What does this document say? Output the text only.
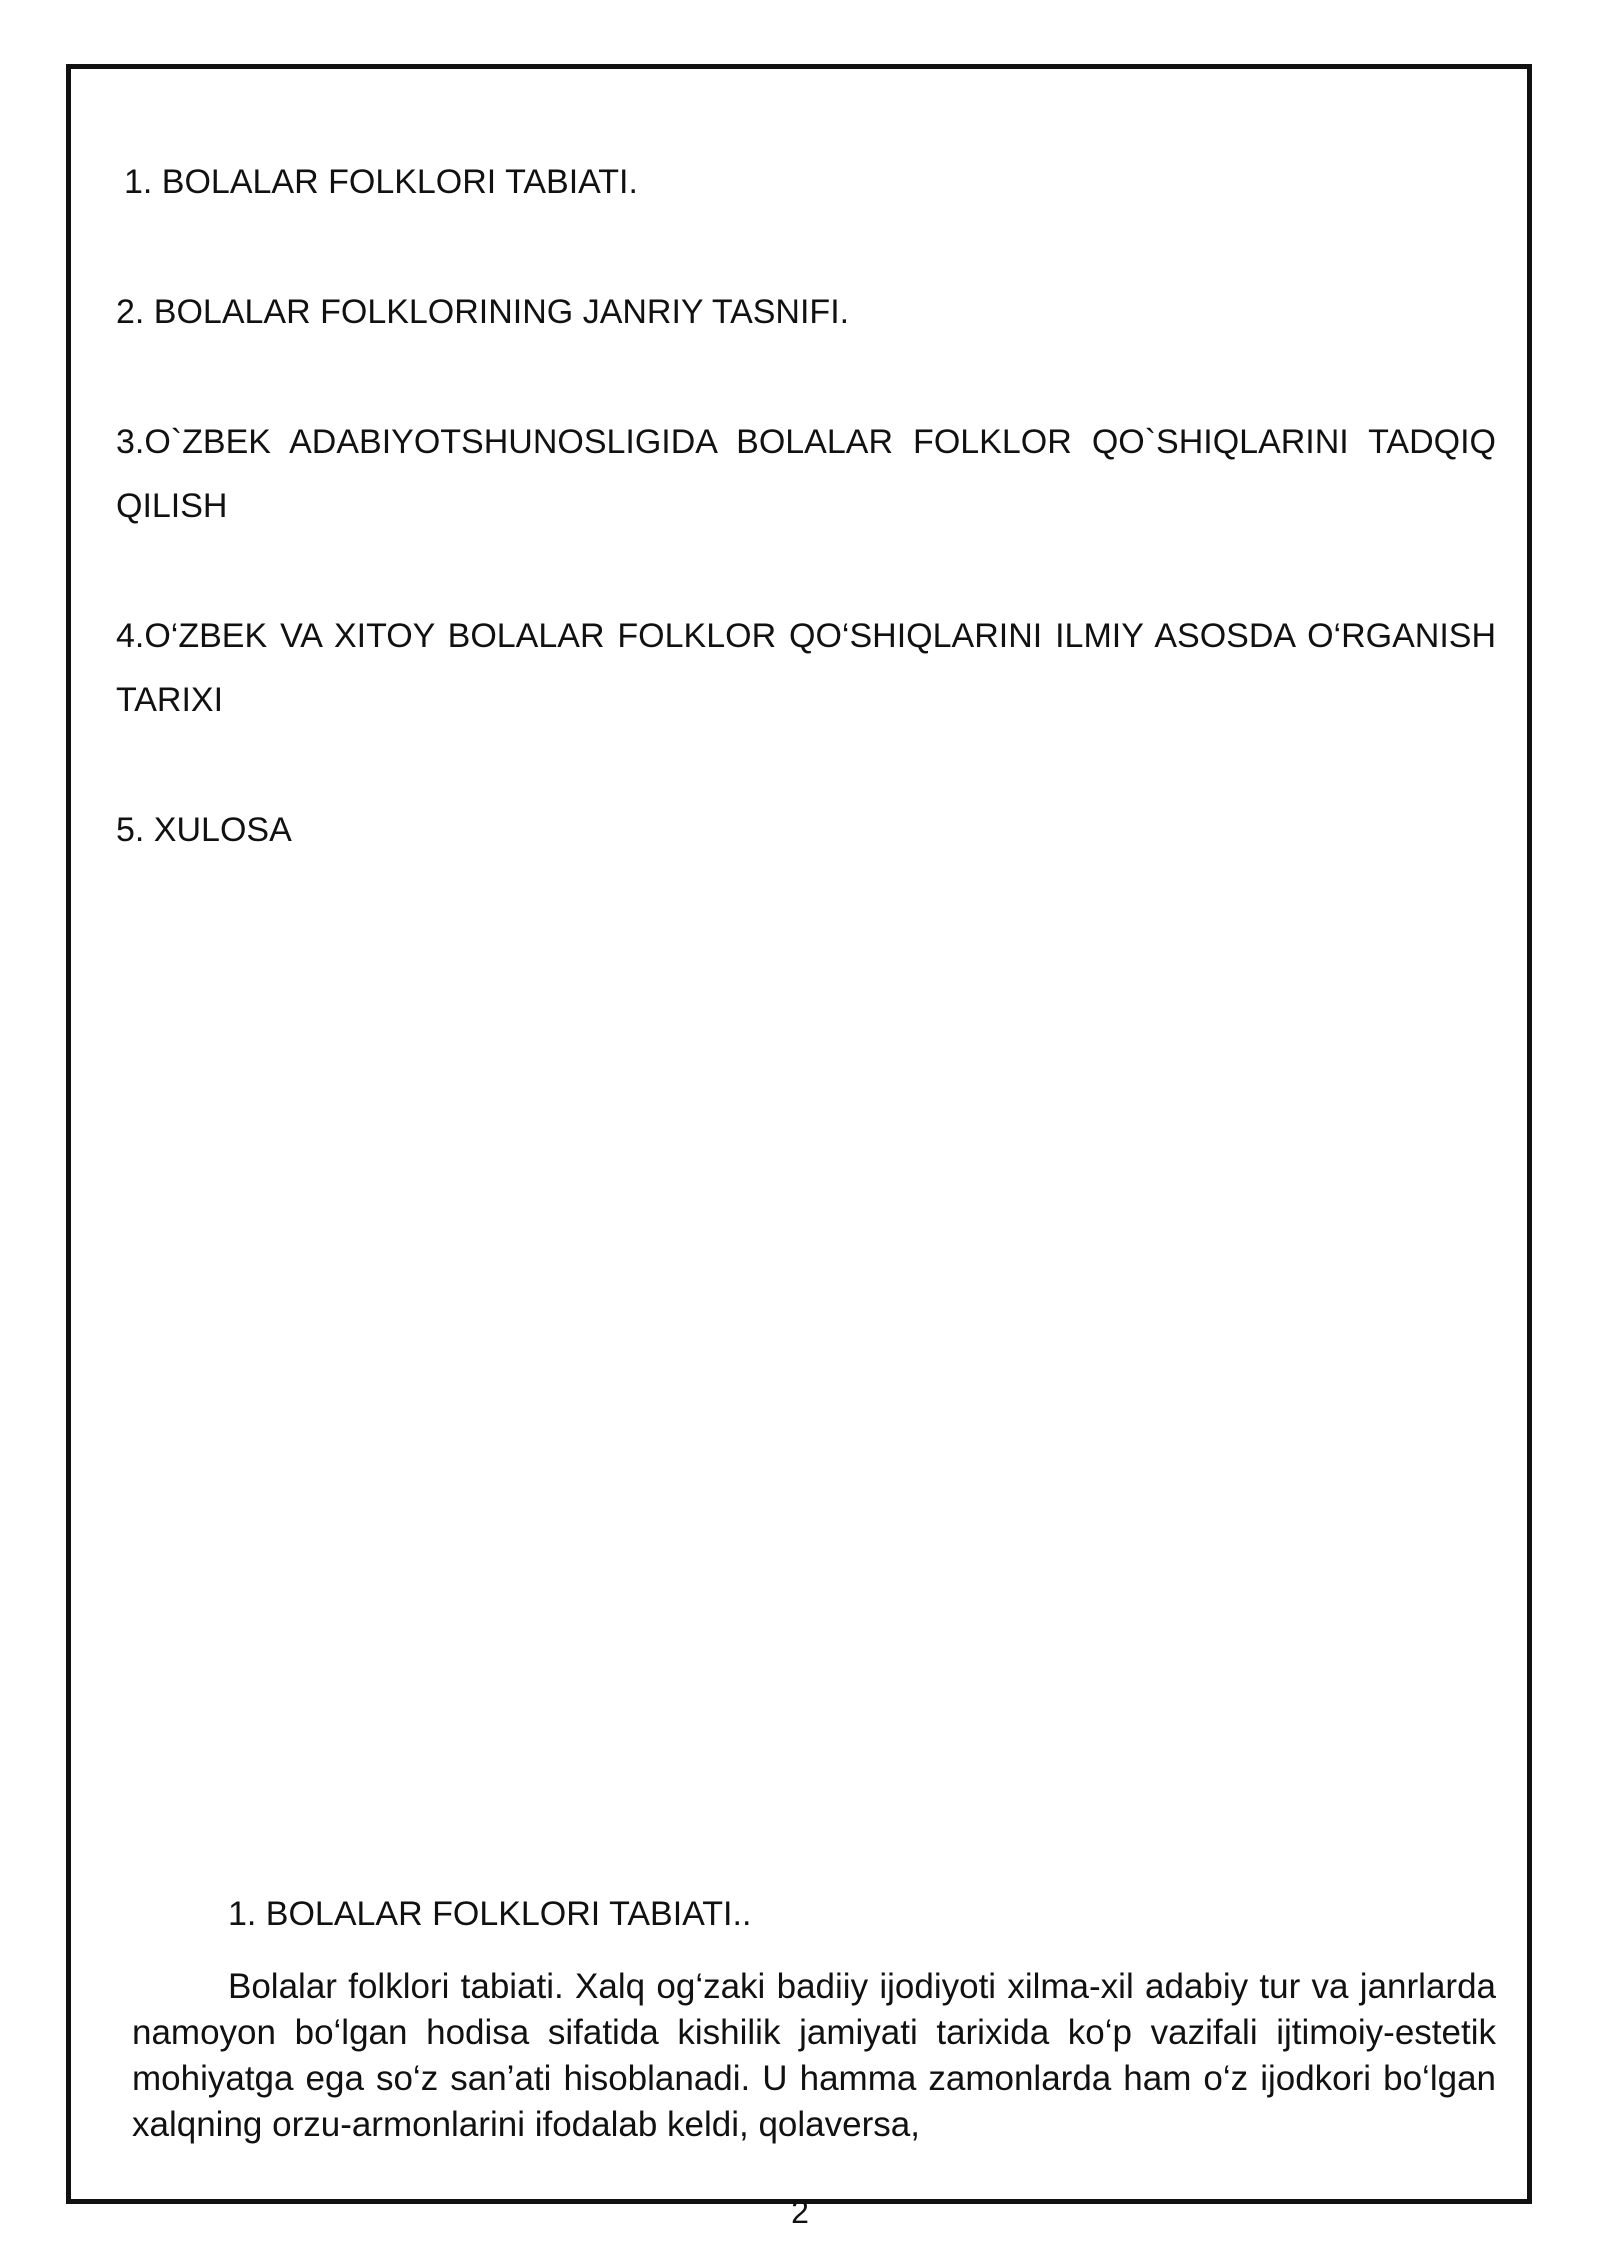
1. BOLALAR FOLKLORI TABIATI.

2. BOLALAR FOLKLORINING JANRIY TASNIFI.

3.O`ZBEK ADABIYOTSHUNOSLIGIDA BOLALAR FOLKLOR QO`SHIQLARINI TADQIQ QILISH

4.O‘ZBEK VA XITOY BOLALAR FOLKLOR QO‘SHIQLARINI ILMIY ASOSDA O‘RGANISH TARIXI

5. XULOSA

1. BOLALAR FOLKLORI TABIATI..

Bolalar folklori tabiati. Xalq og‘zaki badiiy ijodiyoti xilma-xil adabiy tur va janrlarda namoyon bo‘lgan hodisa sifatida kishilik jamiyati tarixida ko‘p vazifali ijtimoiy-estetik mohiyatga ega so‘z san’ati hisoblanadi. U hamma zamonlarda ham o‘z ijodkori bo‘lgan xalqning orzu-armonlarini ifodalab keldi, qolaversa,

2
